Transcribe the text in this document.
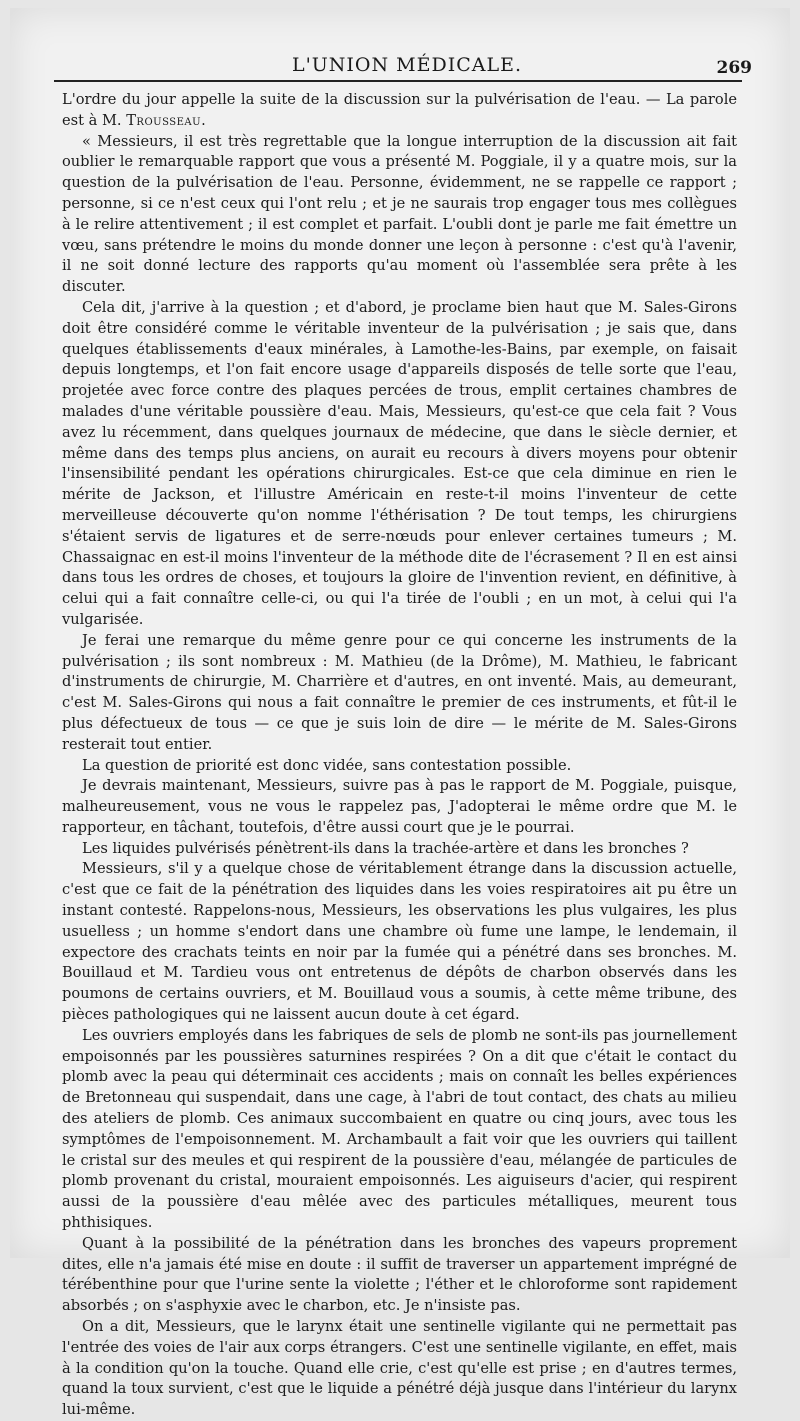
L'UNION MÉDICALE.	269

L'ordre du jour appelle la suite de la discussion sur la pulvérisation de l'eau. — La parole est à M. Trousseau.

« Messieurs, il est très regrettable que la longue interruption de la discussion ait fait oublier le remarquable rapport que vous a présenté M. Poggiale, il y a quatre mois, sur la question de la pulvérisation de l'eau. Personne, évidemment, ne se rappelle ce rapport ; personne, si ce n'est ceux qui l'ont relu ; et je ne saurais trop engager tous mes collègues à le relire attentivement ; il est complet et parfait. L'oubli dont je parle me fait émettre un vœu, sans prétendre le moins du monde donner une leçon à personne : c'est qu'à l'avenir, il ne soit donné lecture des rapports qu'au moment où l'assemblée sera prête à les discuter.

Cela dit, j'arrive à la question ; et d'abord, je proclame bien haut que M. Sales-Girons doit être considéré comme le véritable inventeur de la pulvérisation ; je sais que, dans quelques établissements d'eaux minérales, à Lamothe-les-Bains, par exemple, on faisait depuis longtemps, et l'on fait encore usage d'appareils disposés de telle sorte que l'eau, projetée avec force contre des plaques percées de trous, emplit certaines chambres de malades d'une véritable poussière d'eau. Mais, Messieurs, qu'est-ce que cela fait ? Vous avez lu récemment, dans quelques journaux de médecine, que dans le siècle dernier, et même dans des temps plus anciens, on aurait eu recours à divers moyens pour obtenir l'insensibilité pendant les opérations chirurgicales. Est-ce que cela diminue en rien le mérite de Jackson, et l'illustre Américain en reste-t-il moins l'inventeur de cette merveilleuse découverte qu'on nomme l'éthérisation ? De tout temps, les chirurgiens s'étaient servis de ligatures et de serre-nœuds pour enlever certaines tumeurs ; M. Chassaignac en est-il moins l'inventeur de la méthode dite de l'écrasement ? Il en est ainsi dans tous les ordres de choses, et toujours la gloire de l'invention revient, en définitive, à celui qui a fait connaître celle-ci, ou qui l'a tirée de l'oubli ; en un mot, à celui qui l'a vulgarisée.

Je ferai une remarque du même genre pour ce qui concerne les instruments de la pulvérisation ; ils sont nombreux : M. Mathieu (de la Drôme), M. Mathieu, le fabricant d'instruments de chirurgie, M. Charrière et d'autres, en ont inventé. Mais, au demeurant, c'est M. Sales-Girons qui nous a fait connaître le premier de ces instruments, et fût-il le plus défectueux de tous — ce que je suis loin de dire — le mérite de M. Sales-Girons resterait tout entier.

La question de priorité est donc vidée, sans contestation possible.

Je devrais maintenant, Messieurs, suivre pas à pas le rapport de M. Poggiale, puisque, malheureusement, vous ne vous le rappelez pas, J'adopterai le même ordre que M. le rapporteur, en tâchant, toutefois, d'être aussi court que je le pourrai.

Les liquides pulvérisés pénètrent-ils dans la trachée-artère et dans les bronches ?

Messieurs, s'il y a quelque chose de véritablement étrange dans la discussion actuelle, c'est que ce fait de la pénétration des liquides dans les voies respiratoires ait pu être un instant contesté. Rappelons-nous, Messieurs, les observations les plus vulgaires, les plus usuelless ; un homme s'endort dans une chambre où fume une lampe, le lendemain, il expectore des crachats teints en noir par la fumée qui a pénétré dans ses bronches. M. Bouillaud et M. Tardieu vous ont entretenus de dépôts de charbon observés dans les poumons de certains ouvriers, et M. Bouillaud vous a soumis, à cette même tribune, des pièces pathologiques qui ne laissent aucun doute à cet égard.

Les ouvriers employés dans les fabriques de sels de plomb ne sont-ils pas journellement empoisonnés par les poussières saturnines respirées ? On a dit que c'était le contact du plomb avec la peau qui déterminait ces accidents ; mais on connaît les belles expériences de Bretonneau qui suspendait, dans une cage, à l'abri de tout contact, des chats au milieu des ateliers de plomb. Ces animaux succombaient en quatre ou cinq jours, avec tous les symptômes de l'empoisonnement. M. Archambault a fait voir que les ouvriers qui taillent le cristal sur des meules et qui respirent de la poussière d'eau, mélangée de particules de plomb provenant du cristal, mouraient empoisonnés. Les aiguiseurs d'acier, qui respirent aussi de la poussière d'eau mêlée avec des particules métalliques, meurent tous phthisiques.

Quant à la possibilité de la pénétration dans les bronches des vapeurs proprement dites, elle n'a jamais été mise en doute : il suffit de traverser un appartement imprégné de térébenthine pour que l'urine sente la violette ; l'éther et le chloroforme sont rapidement absorbés ; on s'asphyxie avec le charbon, etc. Je n'insiste pas.

On a dit, Messieurs, que le larynx était une sentinelle vigilante qui ne permettait pas l'entrée des voies de l'air aux corps étrangers. C'est une sentinelle vigilante, en effet, mais à la condition qu'on la touche. Quand elle crie, c'est qu'elle est prise ; en d'autres termes, quand la toux survient, c'est que le liquide a pénétré déjà jusque dans l'intérieur du larynx lui-même.
